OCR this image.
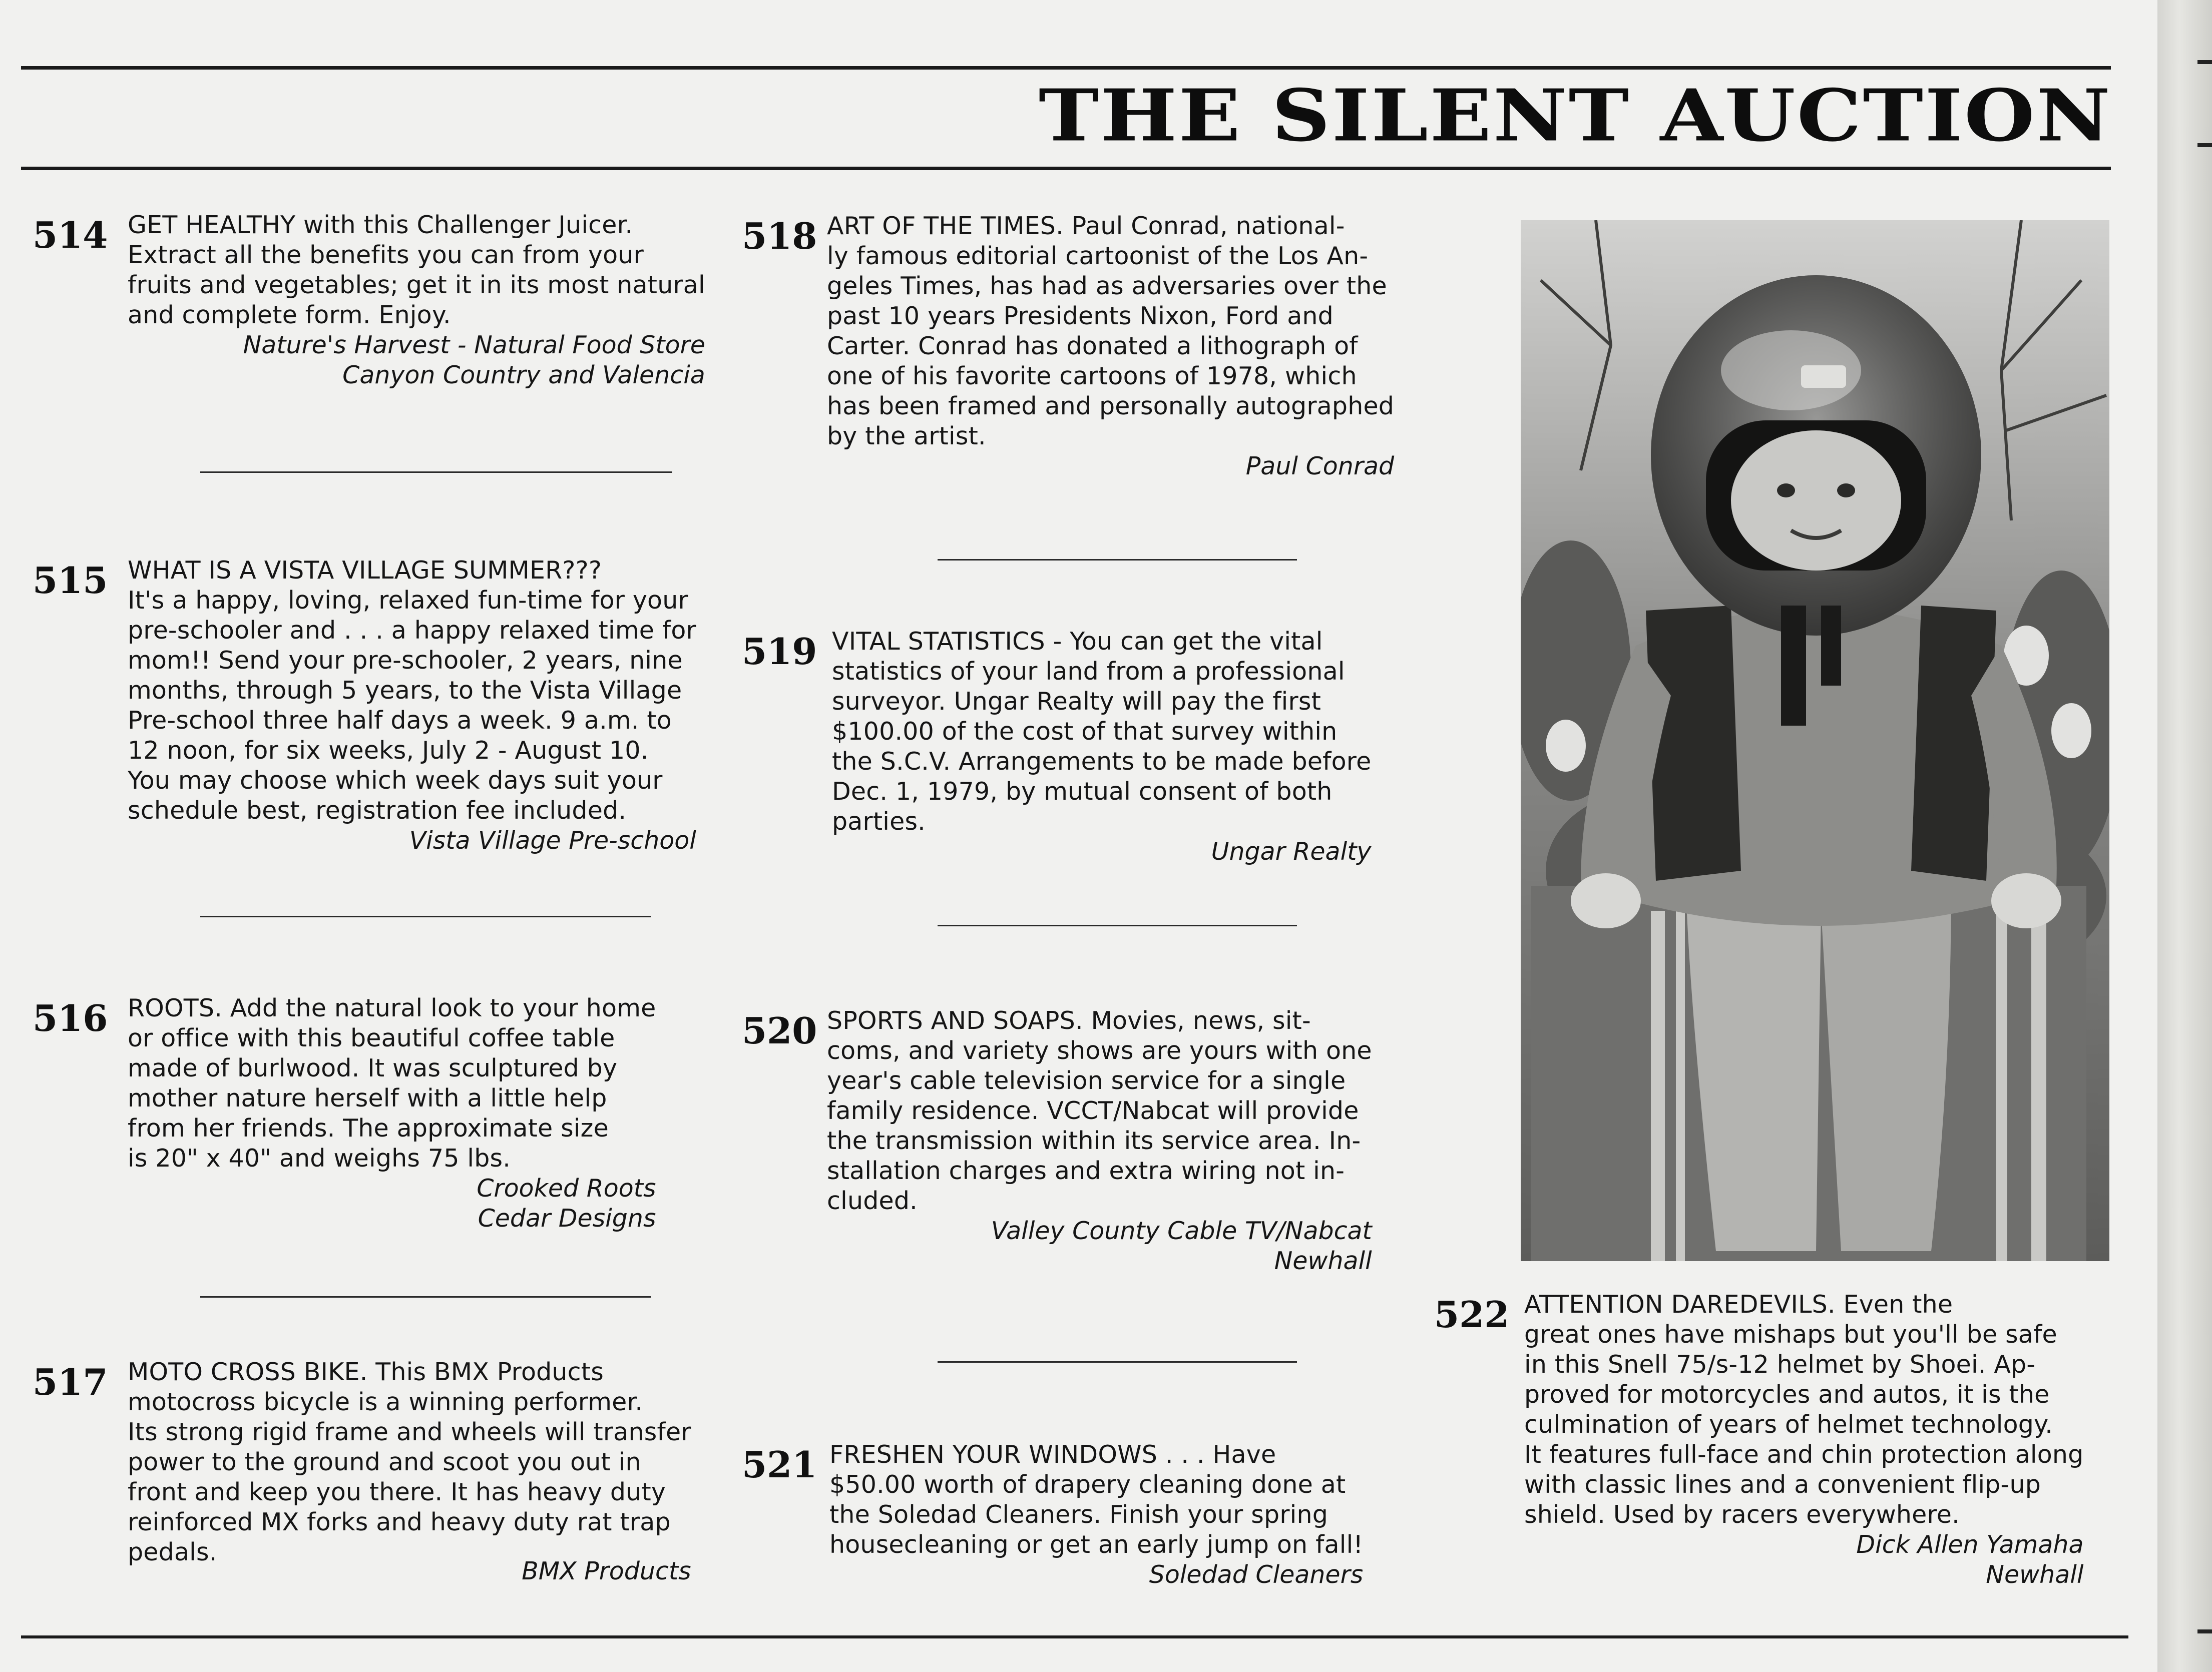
THE SILENT AUCTION
514 GET HEALTHY with this Challenger Juicer.

Extract all the benefits you can from your

fruits and vegetables; get it in its most natural

and complete form. Enjoy.

Nature's Harvest - Natural Food Store

Canyon Country and Valencia

515 WHAT IS A VISTA VILLAGE SUMMER???

It's a happy, loving, relaxed fun-time for your

pre-schooler and . . . a happy relaxed time for

mom!! Send your pre-schooler, 2 years, nine

months, through 5 years, to the Vista Village

Pre-school three half days a week. 9 a.m. to

12 noon, for six weeks, July 2 - August 10.

You may choose which week days suit your

schedule best, registration fee included.

Vista Village Pre-school

516 ROOTS. Add the natural look to your home

or office with this beautiful coffee table

made of burlwood. It was sculptured by

mother nature herself with a little help

from her friends. The approximate size

is 20" x 40" and weighs 75 lbs.

Crooked Roots

Cedar Designs

517 MOTO CROSS BIKE. This BMX Products

motocross bicycle is a winning performer.

Its strong rigid frame and wheels will transfer

power to the ground and scoot you out in

front and keep you there. It has heavy duty

reinforced MX forks and heavy duty rat trap

pedals.

BMX Products

518 ART OF THE TIMES. Paul Conrad, national-

ly famous editorial cartoonist of the Los An-

geles Times, has had as adversaries over the

past 10 years Presidents Nixon, Ford and

Carter. Conrad has donated a lithograph of

one of his favorite cartoons of 1978, which

has been framed and personally autographed

by the artist.

Paul Conrad

519 VITAL STATISTICS - You can get the vital

statistics of your land from a professional

surveyor. Ungar Realty will pay the first

$100.00 of the cost of that survey within

the S.C.V. Arrangements to be made before

Dec. 1, 1979, by mutual consent of both

parties.

Ungar Realty

520 SPORTS AND SOAPS. Movies, news, sit-

coms, and variety shows are yours with one

year's cable television service for a single

family residence. VCCT/Nabcat will provide

the transmission within its service area. In-

stallation charges and extra wiring not in-

cluded.

Valley County Cable TV/Nabcat

Newhall

521 FRESHEN YOUR WINDOWS . . . Have

$50.00 worth of drapery cleaning done at

the Soledad Cleaners. Finish your spring

housecleaning or get an early jump on fall!

Soledad Cleaners

522 ATTENTION DAREDEVILS. Even the

great ones have mishaps but you'll be safe

in this Snell 75/s-12 helmet by Shoei. Ap-

proved for motorcycles and autos, it is the

culmination of years of helmet technology.

It features full-face and chin protection along

with classic lines and a convenient flip-up

shield. Used by racers everywhere.

Dick Allen Yamaha

Newhall
